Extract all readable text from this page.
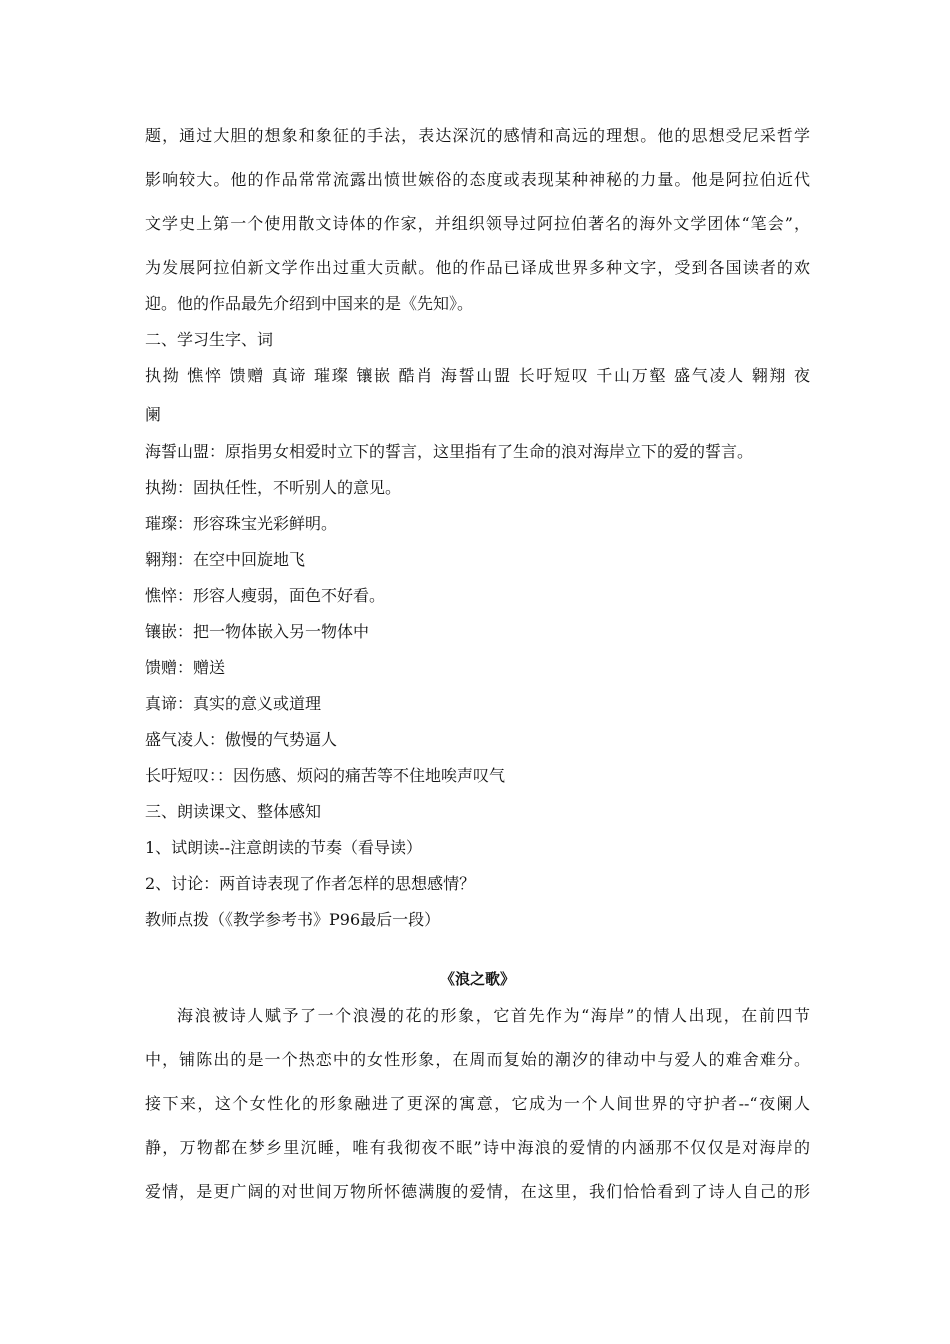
题，通过大胆的想象和象征的手法，表达深沉的感情和高远的理想。他的思想受尼采哲学
影响较大。他的作品常常流露出愤世嫉俗的态度或表现某种神秘的力量。他是阿拉伯近代
文学史上第一个使用散文诗体的作家，并组织领导过阿拉伯著名的海外文学团体“笔会”，
为发展阿拉伯新文学作出过重大贡献。他的作品已译成世界多种文字，受到各国读者的欢
迎。他的作品最先介绍到中国来的是《先知》。
二、学习生字、词
执拗 憔悴 馈赠 真谛 璀璨 镶嵌 酷肖 海誓山盟 长吁短叹 千山万壑 盛气凌人 翱翔 夜
阑
海誓山盟：原指男女相爱时立下的誓言，这里指有了生命的浪对海岸立下的爱的誓言。
执拗：固执任性，不听别人的意见。
璀璨：形容珠宝光彩鲜明。
翱翔：在空中回旋地飞
憔悴：形容人瘦弱，面色不好看。
镶嵌：把一物体嵌入另一物体中
馈赠：赠送
真谛：真实的意义或道理
盛气凌人：傲慢的气势逼人
长吁短叹：：因伤感、烦闷的痛苦等不住地唉声叹气
三、朗读课文、整体感知
1、试朗读--注意朗读的节奏（看导读）
2、讨论：两首诗表现了作者怎样的思想感情？
教师点拨（《教学参考书》P96最后一段）
《浪之歌》
海浪被诗人赋予了一个浪漫的花的形象，它首先作为“海岸”的情人出现，在前四节
中，铺陈出的是一个热恋中的女性形象，在周而复始的潮汐的律动中与爱人的难舍难分。
接下来，这个女性化的形象融进了更深的寓意，它成为一个人间世界的守护者--“夜阑人
静，万物都在梦乡里沉睡，唯有我彻夜不眠”诗中海浪的爱情的内涵那不仅仅是对海岸的
爱情，是更广阔的对世间万物所怀德满腹的爱情，在这里，我们恰恰看到了诗人自己的形
